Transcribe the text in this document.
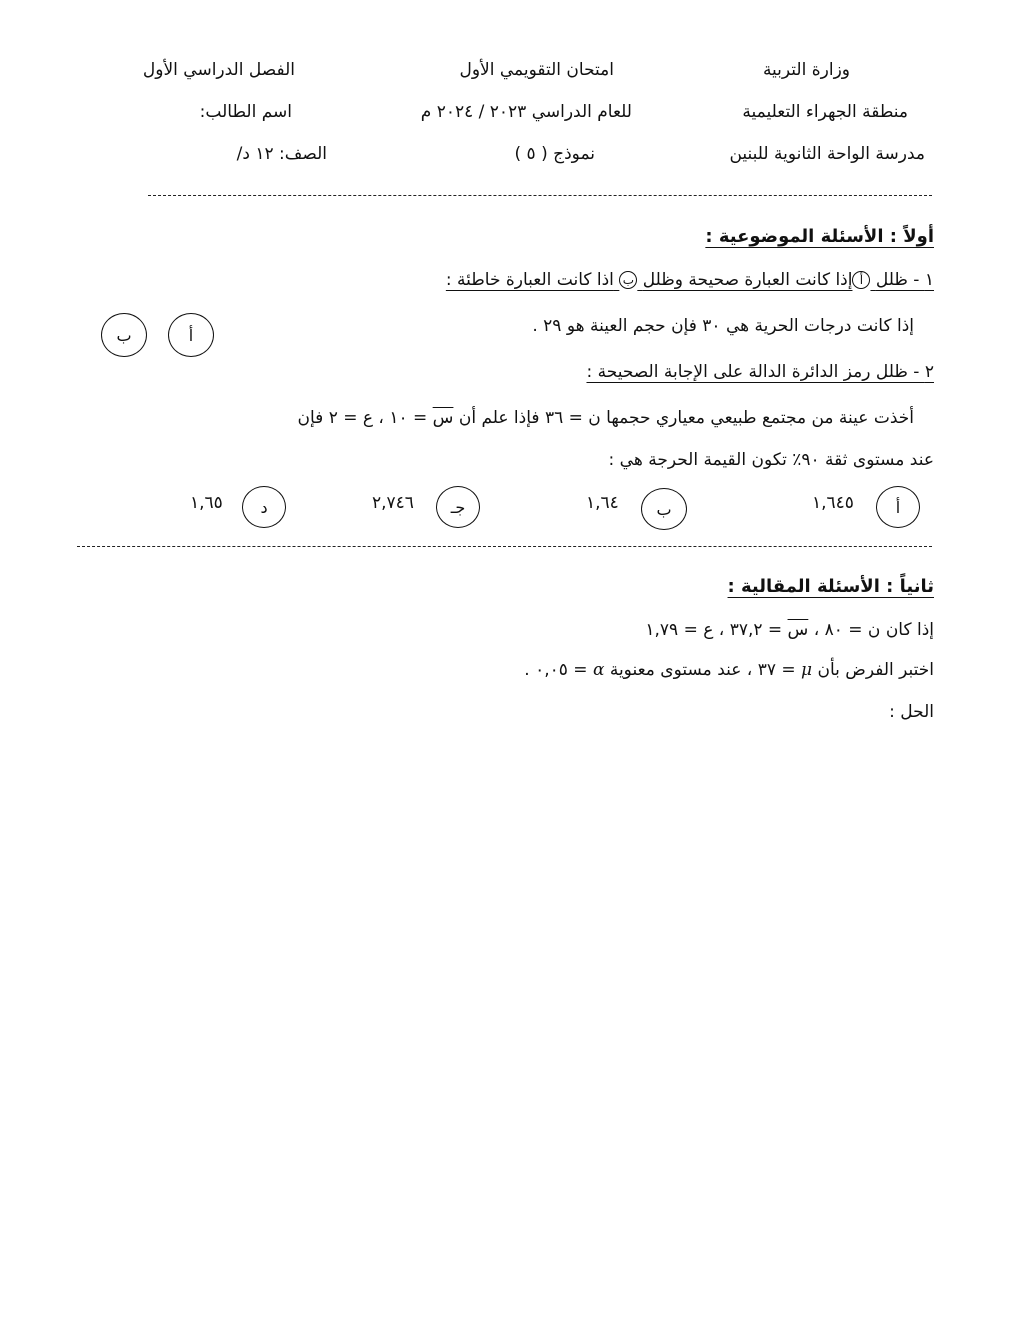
وزارة التربية
منطقة الجهراء التعليمية
مدرسة الواحة الثانوية للبنين
امتحان التقويمي الأول
للعام الدراسي ٢٠٢٣ / ٢٠٢٤ م
نموذج ( ٥ )
الفصل الدراسي الأول
اسم الطالب:
الصف: ١٢ د/
أولاً : الأسئلة الموضوعية :
١ - ظلل أإذا كانت العبارة صحيحة وظلل ب اذا كانت العبارة خاطئة :
إذا كانت درجات الحرية هي ٣٠ فإن حجم العينة هو ٢٩ .
أ
ب
٢ - ظلل رمز الدائرة الدالة على الإجابة الصحيحة :
أخذت عينة من مجتمع طبيعي معياري حجمها ن = ٣٦ فإذا علم أن س = ١٠ ، ع = ٢ فإن
عند مستوى ثقة ٩٠٪ تكون القيمة الحرجة هي :
أ
١,٦٤٥
ب
١,٦٤
جـ
٢,٧٤٦
د
١,٦٥
ثانياً : الأسئلة المقالية :
إذا كان ن = ٨٠ ، س = ٣٧,٢ ، ع = ١,٧٩
اختبر الفرض بأن μ = ٣٧ ، عند مستوى معنوية α = ٠,٠٥ .
الحل :
